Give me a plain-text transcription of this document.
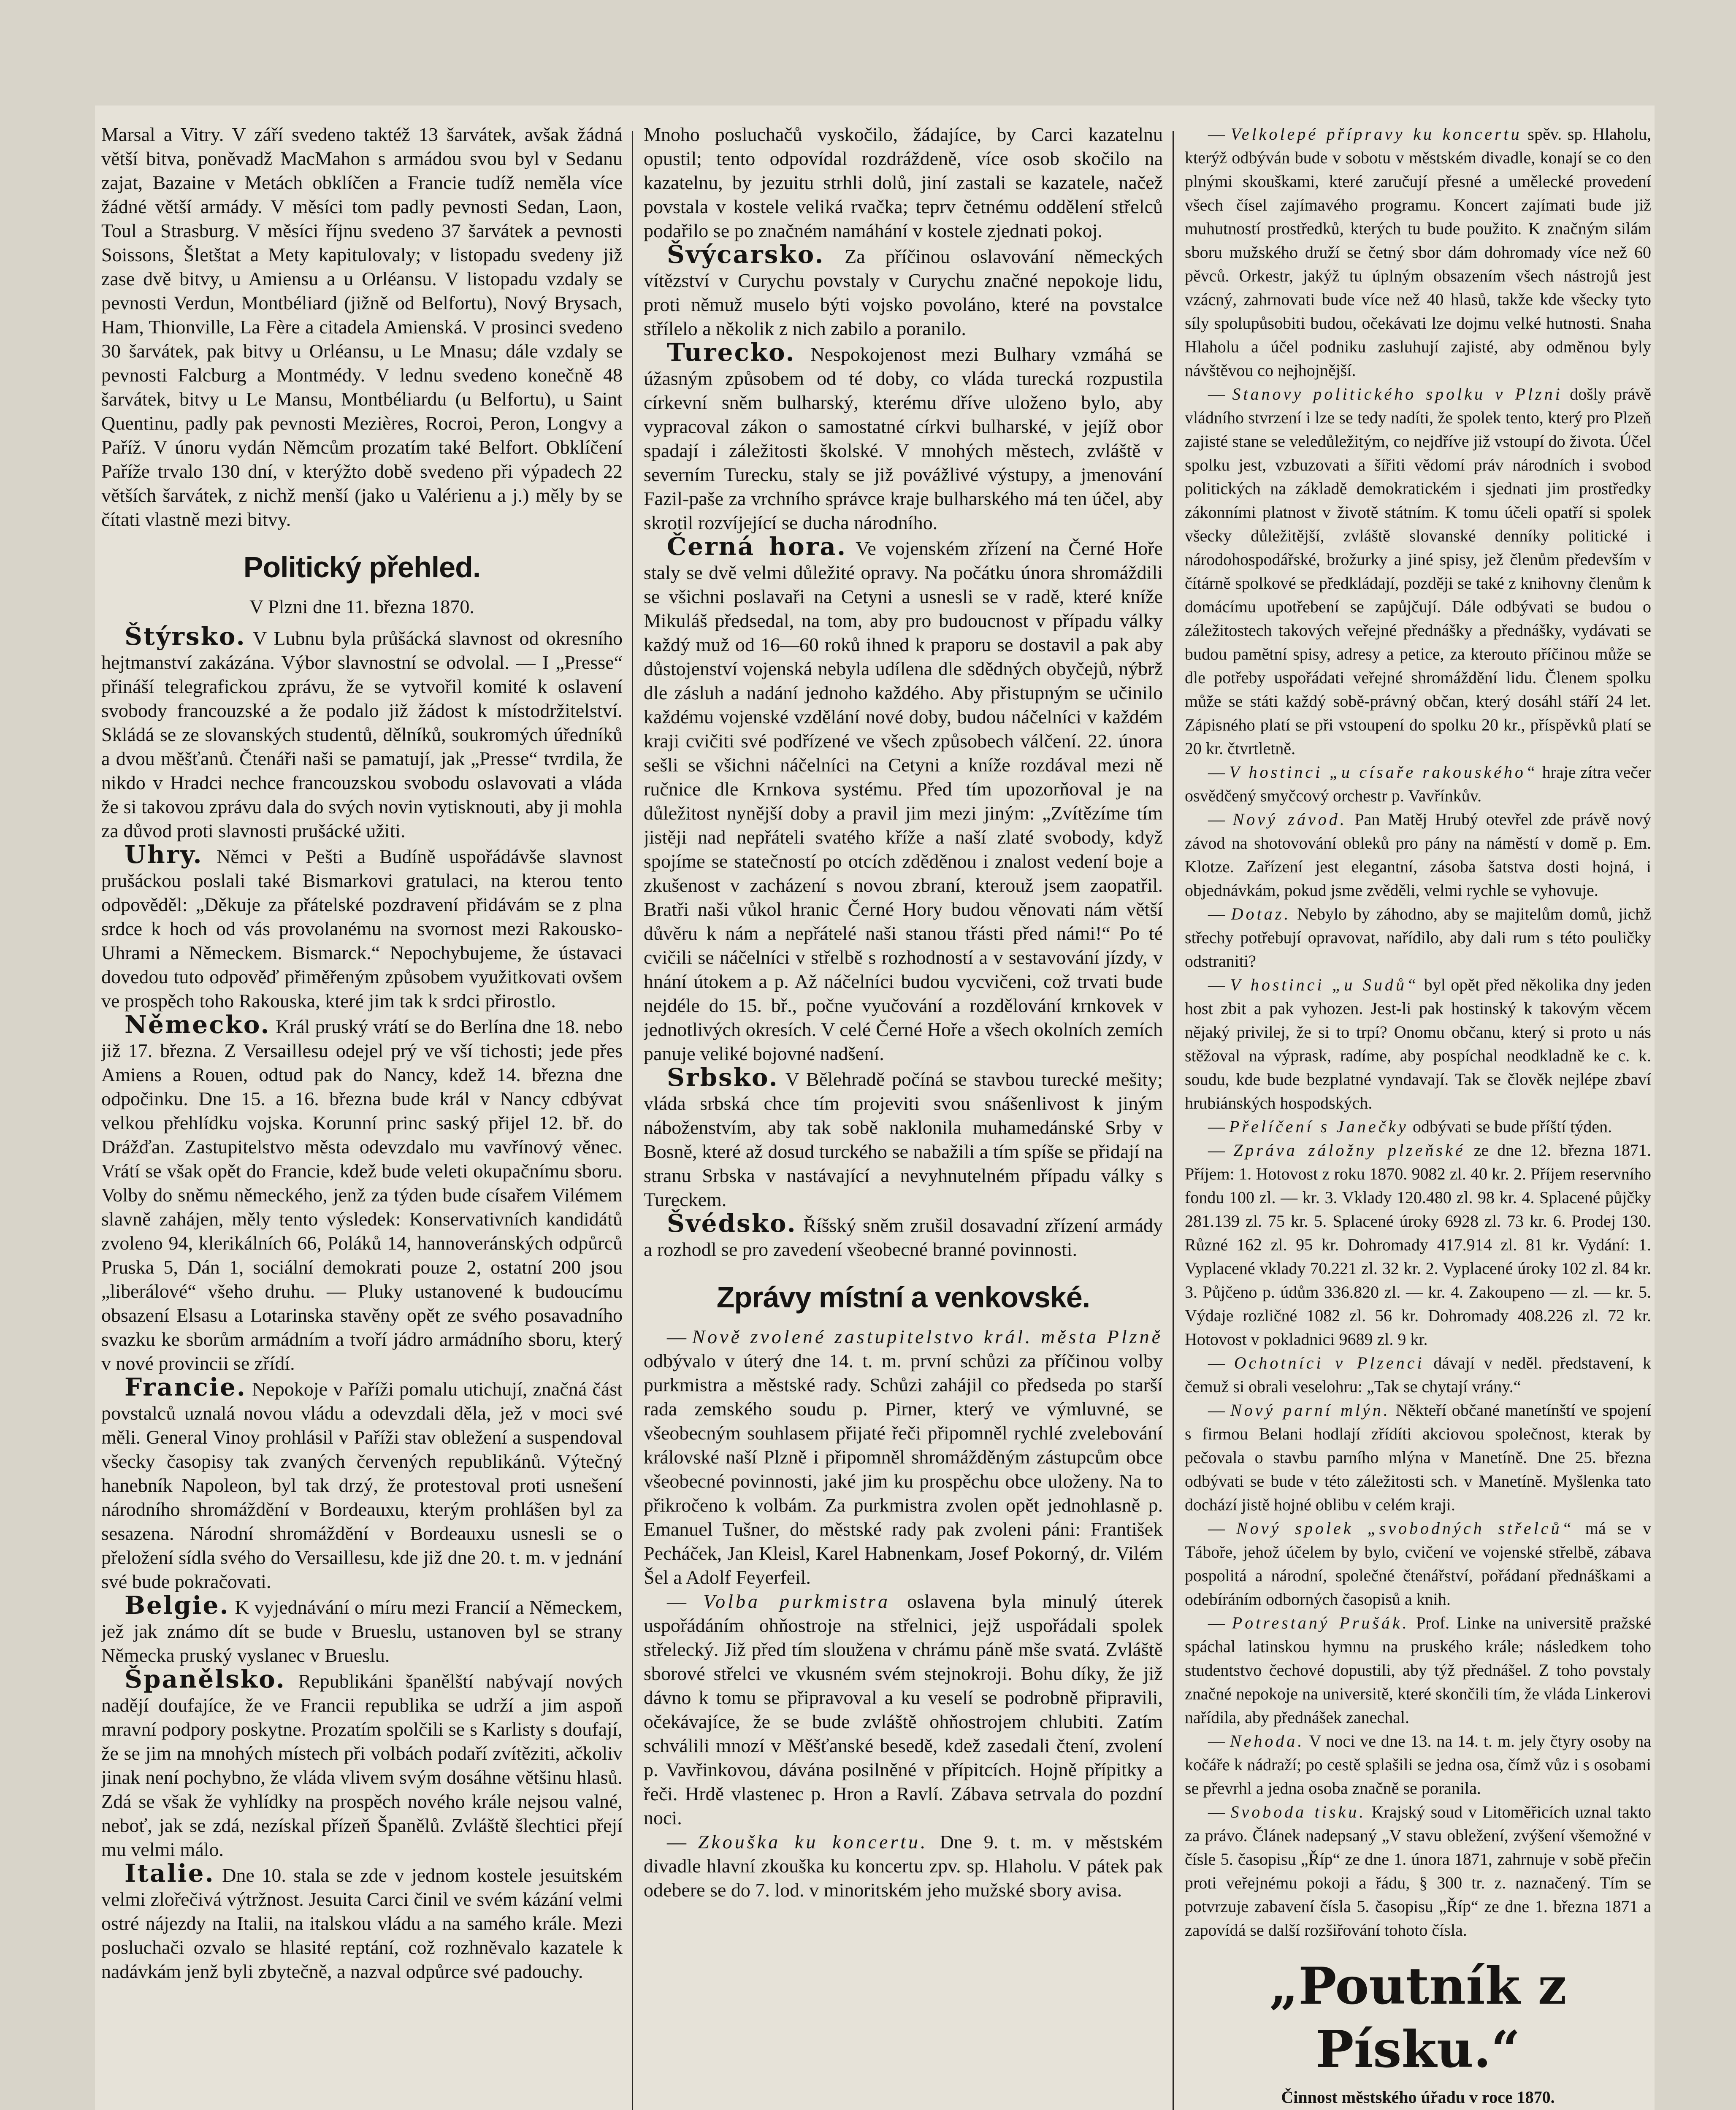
Marsal a Vitry. V září svedeno taktéž 13 šarvátek, avšak žádná větší bitva, poněvadž MacMahon s armádou svou byl v Sedanu zajat, Bazaine v Metách obklíčen a Francie tudíž neměla více žádné větší armády. V měsíci tom padly pevnosti Sedan, Laon, Toul a Strasburg. V měsíci říjnu svedeno 37 šarvátek a pevnosti Soissons, Šletštat a Mety kapitulovaly; v listopadu svedeny již zase dvě bitvy, u Amiensu a u Orléansu. V listopadu vzdaly se pevnosti Verdun, Montbéliard (jižně od Belfortu), Nový Brysach, Ham, Thionville, La Fère a citadela Amienská. V prosinci svedeno 30 šarvátek, pak bitvy u Orléansu, u Le Mnasu; dále vzdaly se pevnosti Falcburg a Montmédy. V lednu svedeno konečně 48 šarvátek, bitvy u Le Mansu, Montbéliardu (u Belfortu), u Saint Quentinu, padly pak pevnosti Mezières, Rocroi, Peron, Longvy a Paříž. V únoru vydán Němcům prozatím také Belfort. Obklíčení Paříže trvalo 130 dní, v kterýžto době svedeno při výpadech 22 větších šarvátek, z nichž menší (jako u Valérienu a j.) měly by se čítati vlastně mezi bitvy.

Politický přehled.
V Plzni dne 11. března 1870.

Štýrsko. V Lubnu byla průšácká slavnost od okresního hejtmanství zakázána. Výbor slavnostní se odvolal. — I „Presse“ přináší telegrafickou zprávu, že se vytvořil komité k oslavení svobody francouzské a že podalo již žádost k místodržitelství. Skládá se ze slovanských studentů, dělníků, soukromých úředníků a dvou měšťanů. Čtenáři naši se pamatují, jak „Presse“ tvrdila, že nikdo v Hradci nechce francouzskou svobodu oslavovati a vláda že si takovou zprávu dala do svých novin vytisknouti, aby ji mohla za důvod proti slavnosti prušácké užiti.

Uhry. Němci v Pešti a Budíně uspořádávše slavnost prušáckou poslali také Bismarkovi gratulaci, na kterou tento odpověděl: „Děkuje za přátelské pozdravení přidávám se z plna srdce k hoch od vás provolanému na svornost mezi Rakousko-Uhrami a Německem. Bismarck.“ Nepochybujeme, že ústavaci dovedou tuto odpověď přiměřeným způsobem využitkovati ovšem ve prospěch toho Rakouska, které jim tak k srdci přirostlo.

Německo. Král pruský vrátí se do Berlína dne 18. nebo již 17. března. Z Versaillesu odejel prý ve vší tichosti; jede přes Amiens a Rouen, odtud pak do Nancy, kdež 14. března dne odpočinku. Dne 15. a 16. března bude král v Nancy cdbývat velkou přehlídku vojska. Korunní princ saský přijel 12. bř. do Drážďan. Zastupitelstvo města odevzdalo mu vavřínový věnec. Vrátí se však opět do Francie, kdež bude veleti okupačnímu sboru. Volby do sněmu německého, jenž za týden bude císařem Vilémem slavně zahájen, měly tento výsledek: Konservativních kandidátů zvoleno 94, klerikálních 66, Poláků 14, hannoveránských odpůrců Pruska 5, Dán 1, sociální demokrati pouze 2, ostatní 200 jsou „liberálové“ všeho druhu. — Pluky ustanovené k budoucímu obsazení Elsasu a Lotarinska stavěny opět ze svého posavadního svazku ke sborům armádním a tvoří jádro armádního sboru, který v nové provincii se zřídí.

Francie. Nepokoje v Paříži pomalu utichují, značná část povstalců uznalá novou vládu a odevzdali děla, jež v moci své měli. General Vinoy prohlásil v Paříži stav obležení a suspendoval všecky časopisy tak zvaných červených republikánů. Výtečný hanebník Napoleon, byl tak drzý, že protestoval proti usnešení národního shromáždění v Bordeauxu, kterým prohlášen byl za sesazena. Národní shromáždění v Bordeauxu usnesli se o přeložení sídla svého do Versaillesu, kde již dne 20. t. m. v jednání své bude pokračovati.

Belgie. K vyjednávání o míru mezi Francií a Německem, jež jak známo dít se bude v Brueslu, ustanoven byl se strany Německa pruský vyslanec v Brueslu.

Španělsko. Republikáni španělští nabývají nových nadějí doufajíce, že ve Francii republika se udrží a jim aspoň mravní podpory poskytne. Prozatím spolčili se s Karlisty s doufají, že se jim na mnohých místech při volbách podaří zvítěziti, ačkoliv jinak není pochybno, že vláda vlivem svým dosáhne většinu hlasů. Zdá se však že vyhlídky na prospěch nového krále nejsou valné, neboť, jak se zdá, nezískal přízeň Španělů. Zvláště šlechtici přejí mu velmi málo.

Italie. Dne 10. stala se zde v jednom kostele jesuitském velmi zlořečivá výtržnost. Jesuita Carci činil ve svém kázání velmi ostré nájezdy na Italii, na italskou vládu a na samého krále. Mezi posluchači ozvalo se hlasité reptání, což rozhněvalo kazatele k nadávkám jenž byli zbytečně, a nazval odpůrce své padouchy.

Mnoho posluchačů vyskočilo, žádajíce, by Carci kazatelnu opustil; tento odpovídal rozdráždeně, více osob skočilo na kazatelnu, by jezuitu strhli dolů, jiní zastali se kazatele, načež povstala v kostele veliká rvačka; teprv četnému oddělení střelců podařilo se po značném namáhání v kostele zjednati pokoj.

Švýcarsko. Za příčinou oslavování německých vítězství v Curychu povstaly v Curychu značné nepokoje lidu, proti němuž muselo býti vojsko povoláno, které na povstalce střílelo a několik z nich zabilo a poranilo.

Turecko. Nespokojenost mezi Bulhary vzmáhá se úžasným způsobem od té doby, co vláda turecká rozpustila církevní sněm bulharský, kterému dříve uloženo bylo, aby vypracoval zákon o samostatné církvi bulharské, v jejíž obor spadají i záležitosti školské. V mnohých městech, zvláště v severním Turecku, staly se již povážlivé výstupy, a jmenování Fazil-paše za vrchního správce kraje bulharského má ten účel, aby skrotil rozvíjející se ducha národního.

Černá hora. Ve vojenském zřízení na Černé Hoře staly se dvě velmi důležité opravy. Na počátku února shromáždili se všichni poslavaři na Cetyni a usnesli se v radě, které kníže Mikuláš předsedal, na tom, aby pro budoucnost v případu války každý muž od 16—60 roků ihned k praporu se dostavil a pak aby důstojenství vojenská nebyla udílena dle sdědných obyčejů, nýbrž dle zásluh a nadání jednoho každého. Aby přistupným se učinilo každému vojenské vzdělání nové doby, budou náčelníci v každém kraji cvičiti své podřízené ve všech způsobech válčení. 22. února sešli se všichni náčelníci na Cetyni a kníže rozdával mezi ně ručnice dle Krnkova systému. Před tím upozorňoval je na důležitost nynější doby a pravil jim mezi jiným: „Zvítězíme tím jistěji nad nepřáteli svatého kříže a naší zlaté svobody, když spojíme se statečností po otcích zděděnou i znalost vedení boje a zkušenost v zacházení s novou zbraní, kterouž jsem zaopatřil. Bratři naši vůkol hranic Černé Hory budou věnovati nám větší důvěru k nám a nepřátelé naši stanou třásti před námi!“ Po té cvičili se náčelníci v střelbě s rozhodností a v sestavování jízdy, v hnání útokem a p. Až náčelníci budou vycvičeni, což trvati bude nejdéle do 15. bř., počne vyučování a rozdělování krnkovek v jednotlivých okresích. V celé Černé Hoře a všech okolních zemích panuje veliké bojovné nadšení.

Srbsko. V Bělehradě počíná se stavbou turecké mešity; vláda srbská chce tím projeviti svou snášenlivost k jiným náboženstvím, aby tak sobě naklonila muhamedánské Srby v Bosně, které až dosud turckého se nabažili a tím spíše se přidají na stranu Srbska v nastávající a nevyhnutelném případu války s Tureckem.

Švédsko. Říšský sněm zrušil dosavadní zřízení armády a rozhodl se pro zavedení všeobecné branné povinnosti.

Zprávy místní a venkovské.

— Nově zvolené zastupitelstvo král. města Plzně odbývalo v úterý dne 14. t. m. první schůzi za příčinou volby purkmistra a městské rady. Schůzi zahájil co předseda po starší rada zemského soudu p. Pirner, který ve výmluvné, se všeobecným souhlasem přijaté řeči připomněl rychlé zvelebování královské naší Plzně i připomněl shromážděným zástupcům obce všeobecné povinnosti, jaké jim ku prospěchu obce uloženy. Na to přikročeno k volbám. Za purkmistra zvolen opět jednohlasně p. Emanuel Tušner, do městské rady pak zvoleni páni: František Pecháček, Jan Kleisl, Karel Habnenkam, Josef Pokorný, dr. Vilém Šel a Adolf Feyerfeil.

— Volba purkmistra oslavena byla minulý úterek uspořádáním ohňostroje na střelnici, jejž uspořádali spolek střelecký. Již před tím sloužena v chrámu páně mše svatá. Zvláště sborové střelci ve vkusném svém stejnokroji. Bohu díky, že již dávno k tomu se připravoval a ku veselí se podrobně připravili, očekávajíce, že se bude zvláště ohňostrojem chlubiti. Zatím schválili mnozí v Měšťanské besedě, kdež zasedali čtení, zvolení p. Vavřinkovou, dávána posilněné v přípitcích. Hojně přípitky a řeči. Hrdě vlastenec p. Hron a Ravlí. Zábava setrvala do pozdní noci.

— Zkouška ku koncertu. Dne 9. t. m. v městském divadle hlavní zkouška ku koncertu zpv. sp. Hlaholu. V pátek pak odebere se do 7. lod. v minoritském jeho mužské sbory avisa.

— Velkolepé přípravy ku koncertu spěv. sp. Hlaholu, kterýž odbýván bude v sobotu v městském divadle, konají se co den plnými skouškami, které zaručují přesné a umělecké provedení všech čísel zajímavého programu. Koncert zajímati bude již muhutností prostředků, kterých tu bude použito. K značným silám sboru mužského druží se četný sbor dám dohromady více než 60 pěvců. Orkestr, jakýž tu úplným obsazením všech nástrojů jest vzácný, zahrnovati bude více než 40 hlasů, takže kde všecky tyto síly spolupůsobiti budou, očekávati lze dojmu velké hutnosti. Snaha Hlaholu a účel podniku zasluhují zajisté, aby odměnou byly návštěvou co nejhojnější.

— Stanovy politického spolku v Plzni došly právě vládního stvrzení i lze se tedy nadíti, že spolek tento, který pro Plzeň zajisté stane se veledůležitým, co nejdříve již vstoupí do života. Účel spolku jest, vzbuzovati a šířiti vědomí práv národních i svobod politických na základě demokratickém i sjednati jim prostředky zákonními platnost v životě státním. K tomu účeli opatří si spolek všecky důležitější, zvláště slovanské denníky politické i národohospodářské, brožurky a jiné spisy, jež členům především v čítárně spolkové se předkládají, později se také z knihovny členům k domácímu upotřebení se zapůjčují. Dále odbývati se budou o záležitostech takových veřejné přednášky a přednášky, vydávati se budou pamětní spisy, adresy a petice, za kterouto příčinou může se dle potřeby uspořádati veřejné shromáždění lidu. Členem spolku může se státi každý sobě-právný občan, který dosáhl stáří 24 let. Zápisného platí se při vstoupení do spolku 20 kr., příspěvků platí se 20 kr. čtvrtletně.

— V hostinci „u císaře rakouského“ hraje zítra večer osvědčený smyčcový orchestr p. Vavřínkův.

— Nový závod. Pan Matěj Hrubý otevřel zde právě nový závod na shotovování obleků pro pány na náměstí v domě p. Em. Klotze. Zařízení jest elegantní, zásoba šatstva dosti hojná, i objednávkám, pokud jsme zvěděli, velmi rychle se vyhovuje.

— Dotaz. Nebylo by záhodno, aby se majitelům domů, jichž střechy potřebují opravovat, nařídilo, aby dali rum s této pouličky odstraniti?

— V hostinci „u Sudů“ byl opět před několika dny jeden host zbit a pak vyhozen. Jest-li pak hostinský k takovým věcem nějaký privilej, že si to trpí? Onomu občanu, který si proto u nás stěžoval na výprask, radíme, aby pospíchal neodkladně ke c. k. soudu, kde bude bezplatné vyndavají. Tak se člověk nejlépe zbaví hrubiánských hospodských.

— Přelíčení s Janečky odbývati se bude příští týden.

— Zpráva záložny plzeňské ze dne 12. března 1871. Příjem: 1. Hotovost z roku 1870. 9082 zl. 40 kr. 2. Příjem reservního fondu 100 zl. — kr. 3. Vklady 120.480 zl. 98 kr. 4. Splacené půjčky 281.139 zl. 75 kr. 5. Splacené úroky 6928 zl. 73 kr. 6. Prodej 130. Různé 162 zl. 95 kr. Dohromady 417.914 zl. 81 kr. Vydání: 1. Vyplacené vklady 70.221 zl. 32 kr. 2. Vyplacené úroky 102 zl. 84 kr. 3. Půjčeno p. údům 336.820 zl. — kr. 4. Zakoupeno — zl. — kr. 5. Výdaje rozličné 1082 zl. 56 kr. Dohromady 408.226 zl. 72 kr. Hotovost v pokladnici 9689 zl. 9 kr.

— Ochotníci v Plzenci dávají v neděl. představení, k čemuž si obrali veselohru: „Tak se chytají vrány.“

— Nový parní mlýn. Někteří občané manetínští ve spojení s firmou Belani hodlají zřídíti akciovou společnost, kterak by pečovala o stavbu parního mlýna v Manetíně. Dne 25. března odbývati se bude v této záležitosti sch. v Manetíně. Myšlenka tato dochází jistě hojné oblibu v celém kraji.

— Nový spolek „svobodných střelců“ má se v Táboře, jehož účelem by bylo, cvičení ve vojenské střelbě, zábava pospolitá a národní, společné čtenářství, pořádaní přednáškami a odebíráním odborných časopisů a knih.

— Potrestaný Prušák. Prof. Linke na universitě pražské spáchal latinskou hymnu na pruského krále; následkem toho studentstvo čechové dopustili, aby týž přednášel. Z toho povstaly značné nepokoje na universitě, které skončili tím, že vláda Linkerovi nařídila, aby přednášek zanechal.

— Nehoda. V noci ve dne 13. na 14. t. m. jely čtyry osoby na kočáře k nádraží; po cestě splašili se jedna osa, čímž vůz i s osobami se převrhl a jedna osoba značně se poranila.

— Svoboda tisku. Krajský soud v Litoměřicích uznal takto za právo. Článek nadepsaný „V stavu obležení, zvýšení všemožné v čísle 5. časopisu „Říp“ ze dne 1. února 1871, zahrnuje v sobě přečin proti veřejnému pokoji a řádu, § 300 tr. z. naznačený. Tím se potvrzuje zabavení čísla 5. časopisu „Říp“ ze dne 1. března 1871 a zapovídá se další rozšiřování tohoto čísla.

„Poutník z Písku.“

Činnost městského úřadu v roce 1870.
